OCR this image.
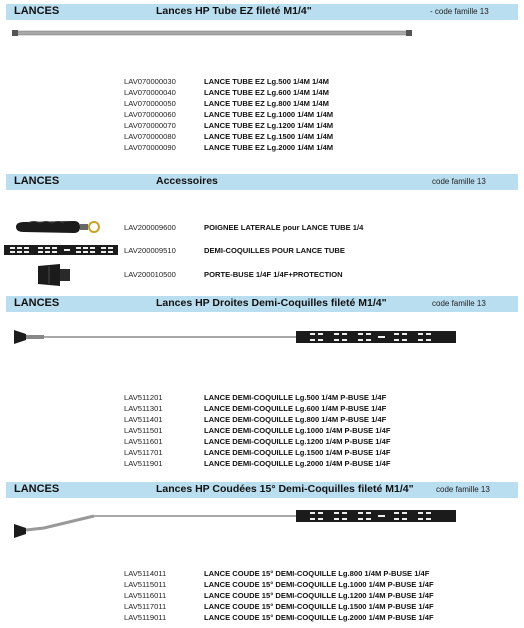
LANCES	Lances HP Tube EZ fileté M1/4"	- code famille 13
LAV070000030	LANCE TUBE EZ Lg.500 1/4M 1/4M
LAV070000040	LANCE TUBE EZ Lg.600 1/4M 1/4M
LAV070000050	LANCE TUBE EZ Lg.800 1/4M 1/4M
LAV070000060	LANCE TUBE EZ Lg.1000 1/4M 1/4M
LAV070000070	LANCE TUBE EZ Lg.1200 1/4M 1/4M
LAV070000080	LANCE TUBE EZ Lg.1500 1/4M 1/4M
LAV070000090	LANCE TUBE EZ Lg.2000 1/4M 1/4M
LANCES	Accessoires	code famille 13
LAV200009600	POIGNEE LATERALE pour LANCE TUBE 1/4
LAV200009510	DEMI-COQUILLES POUR LANCE TUBE
LAV200010500	PORTE-BUSE 1/4F 1/4F+PROTECTION
LANCES	Lances HP Droites Demi-Coquilles fileté M1/4"	code famille 13
LAV511201	LANCE DEMI-COQUILLE Lg.500 1/4M P-BUSE 1/4F
LAV511301	LANCE DEMI-COQUILLE Lg.600 1/4M P-BUSE 1/4F
LAV511401	LANCE DEMI-COQUILLE Lg.800 1/4M P-BUSE 1/4F
LAV511501	LANCE DEMI-COQUILLE Lg.1000 1/4M P-BUSE 1/4F
LAV511601	LANCE DEMI-COQUILLE Lg.1200 1/4M P-BUSE 1/4F
LAV511701	LANCE DEMI-COQUILLE Lg.1500 1/4M P-BUSE 1/4F
LAV511901	LANCE DEMI-COQUILLE Lg.2000 1/4M P-BUSE 1/4F
LANCES	Lances HP Coudées 15° Demi-Coquilles fileté M1/4"	code famille 13
LAV5114011	LANCE COUDE 15° DEMI-COQUILLE Lg.800 1/4M P-BUSE 1/4F
LAV5115011	LANCE COUDE 15° DEMI-COQUILLE Lg.1000 1/4M P-BUSE 1/4F
LAV5116011	LANCE COUDE 15° DEMI-COQUILLE Lg.1200 1/4M P-BUSE 1/4F
LAV5117011	LANCE COUDE 15° DEMI-COQUILLE Lg.1500 1/4M P-BUSE 1/4F
LAV5119011	LANCE COUDE 15° DEMI-COQUILLE Lg.2000 1/4M P-BUSE 1/4F
